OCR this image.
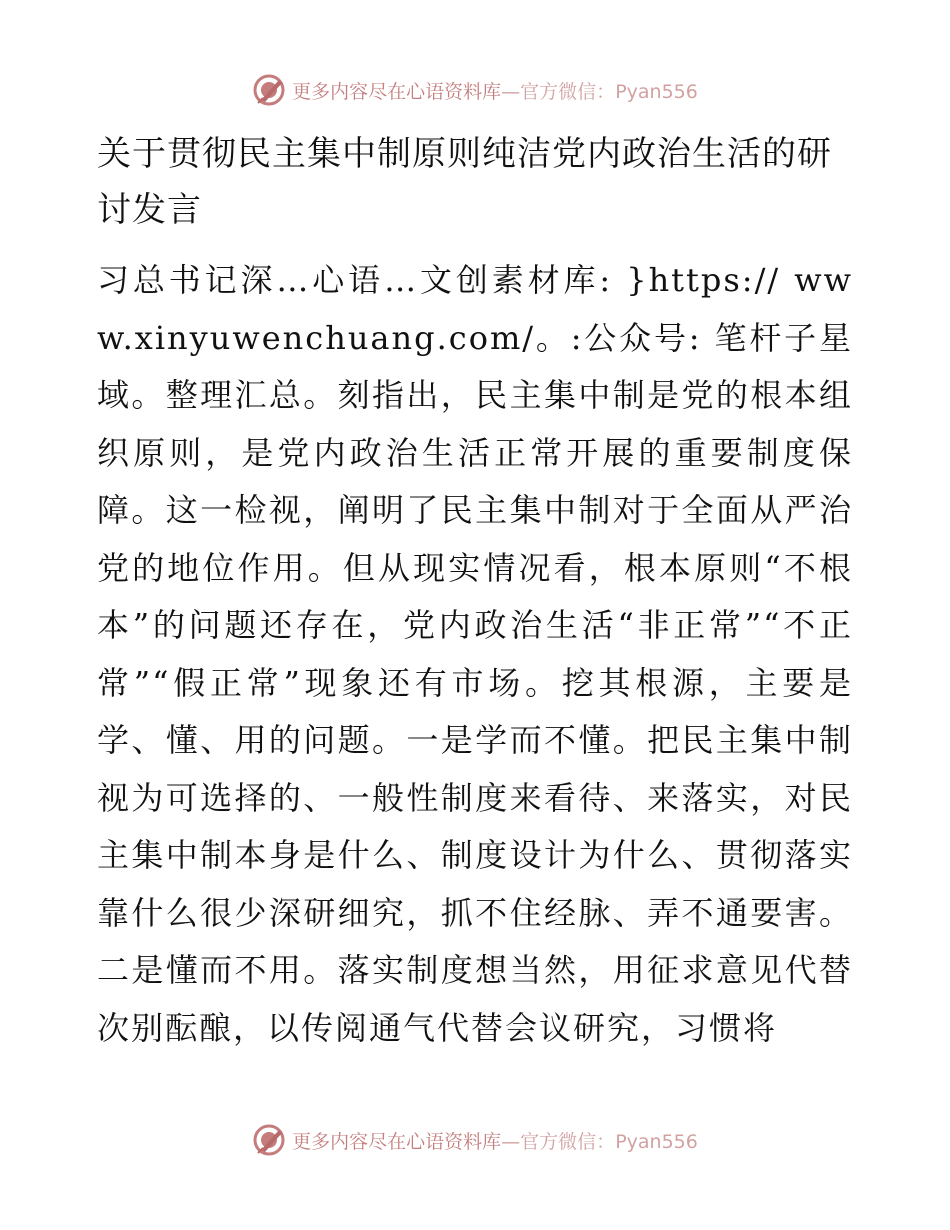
更多内容尽在心语资料库—官方微信：Pyan556
关于贯彻民主集中制原则纯洁党内政治生活的研讨发言

习总书记深…心语…文创素材库: }https:// www.xinyuwenchuang.com/。:公众号: 笔杆子星域。整理汇总。刻指出，民主集中制是党的根本组织原则，是党内政治生活正常开展的重要制度保障。这一检视，阐明了民主集中制对于全面从严治党的地位作用。但从现实情况看，根本原则“不根本”的问题还存在，党内政治生活“非正常”“不正常”“假正常”现象还有市场。挖其根源，主要是学、懂、用的问题。一是学而不懂。把民主集中制视为可选择的、一般性制度来看待、来落实，对民主集中制本身是什么、制度设计为什么、贯彻落实靠什么很少深研细究，抓不住经脉、弄不通要害。二是懂而不用。落实制度想当然，用征求意见代替次别酝酿，以传阅通气代替会议研究，习惯将

更多内容尽在心语资料库—官方微信：Pyan556
